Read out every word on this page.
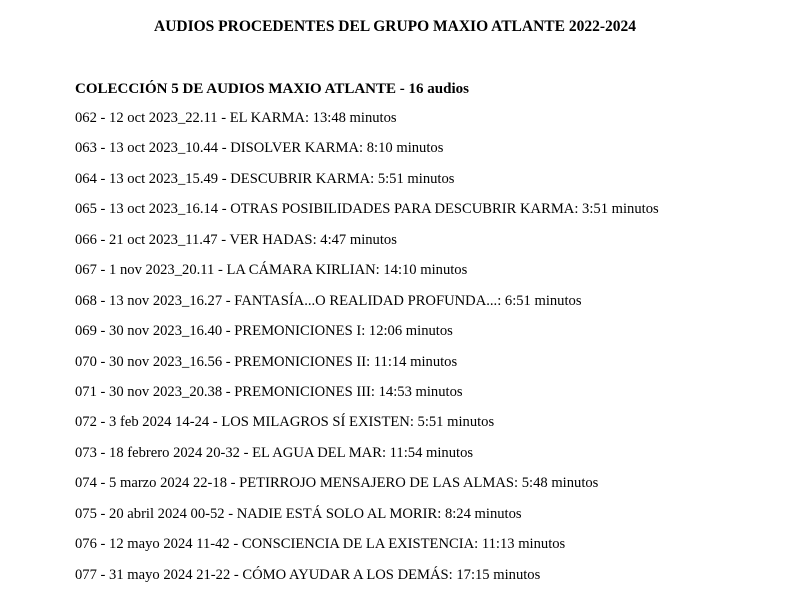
AUDIOS PROCEDENTES DEL GRUPO MAXIO ATLANTE 2022-2024
COLECCIÓN 5 DE AUDIOS MAXIO ATLANTE - 16 audios
062 - 12 oct 2023_22.11 - EL KARMA: 13:48 minutos
063 - 13 oct 2023_10.44 - DISOLVER KARMA: 8:10 minutos
064 - 13 oct 2023_15.49 - DESCUBRIR KARMA: 5:51 minutos
065 - 13 oct 2023_16.14 - OTRAS POSIBILIDADES PARA DESCUBRIR KARMA: 3:51 minutos
066 - 21 oct 2023_11.47 - VER HADAS: 4:47 minutos
067 - 1 nov 2023_20.11 - LA CÁMARA KIRLIAN: 14:10 minutos
068 - 13 nov 2023_16.27 - FANTASÍA...O REALIDAD PROFUNDA...: 6:51 minutos
069 - 30 nov 2023_16.40 - PREMONICIONES I: 12:06 minutos
070 - 30 nov 2023_16.56 - PREMONICIONES II: 11:14 minutos
071 - 30 nov 2023_20.38 - PREMONICIONES III: 14:53 minutos
072 - 3 feb 2024 14-24 - LOS MILAGROS SÍ EXISTEN: 5:51 minutos
073 - 18 febrero 2024 20-32 - EL AGUA DEL MAR: 11:54 minutos
074 - 5 marzo 2024 22-18 - PETIRROJO MENSAJERO DE LAS ALMAS: 5:48 minutos
075 - 20 abril 2024 00-52 - NADIE ESTÁ SOLO AL MORIR: 8:24 minutos
076 - 12 mayo 2024 11-42 - CONSCIENCIA DE LA EXISTENCIA: 11:13 minutos
077 - 31 mayo 2024 21-22 - CÓMO AYUDAR A LOS DEMÁS: 17:15 minutos
